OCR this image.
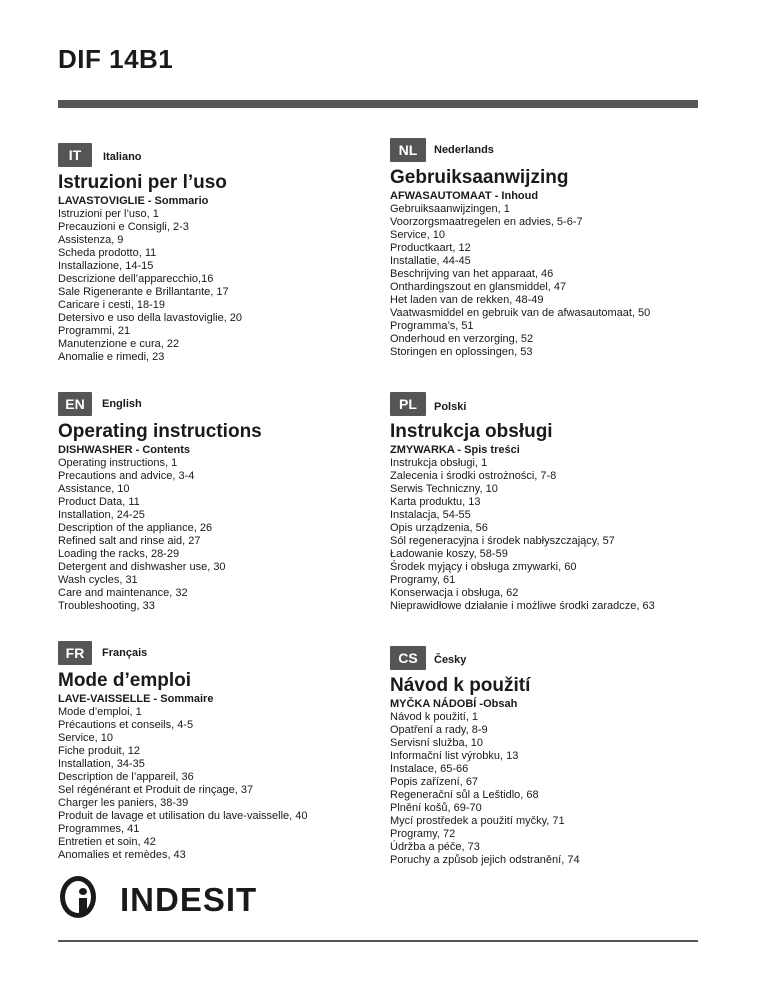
DIF 14B1
IT Italiano
Istruzioni per l’uso
LAVASTOVIGLIE - Sommario
Istruzioni per l’uso, 1
Precauzioni e Consigli, 2-3
Assistenza, 9
Scheda prodotto, 11
Installazione, 14-15
Descrizione dell’apparecchio,16
Sale Rigenerante e Brillantante, 17
Caricare i cesti, 18-19
Detersivo e uso della lavastoviglie, 20
Programmi, 21
Manutenzione e cura, 22
Anomalie e rimedi, 23
EN English
Operating instructions
DISHWASHER - Contents
Operating instructions, 1
Precautions and advice, 3-4
Assistance, 10
Product Data, 11
Installation, 24-25
Description of the appliance, 26
Refined salt and rinse aid, 27
Loading the racks, 28-29
Detergent and dishwasher use, 30
Wash cycles, 31
Care and maintenance, 32
Troubleshooting, 33
FR Français
Mode d’emploi
LAVE-VAISSELLE - Sommaire
Mode d’emploi, 1
Précautions et conseils, 4-5
Service, 10
Fiche produit, 12
Installation, 34-35
Description de l’appareil, 36
Sel régénérant et Produit de rinçage, 37
Charger les paniers, 38-39
Produit de lavage et utilisation du lave-vaisselle, 40
Programmes, 41
Entretien et soin, 42
Anomalies et remèdes, 43
NL Nederlands
Gebruiksaanwijzing
AFWASAUTOMAAT - Inhoud
Gebruiksaanwijzingen, 1
Voorzorgsmaatregelen en advies, 5-6-7
Service, 10
Productkaart, 12
Installatie, 44-45
Beschrijving van het apparaat, 46
Onthardingszout en glansmiddel, 47
Het laden van de rekken, 48-49
Vaatwasmiddel en gebruik van de afwasautomaat, 50
Programma’s, 51
Onderhoud en verzorging, 52
Storingen en oplossingen, 53
PL Polski
Instrukcja obsługi
ZMYWARKA - Spis treści
Instrukcja obsługi, 1
Zalecenia i środki ostrożności, 7-8
Serwis Techniczny, 10
Karta produktu, 13
Instalacja, 54-55
Opis urządzenia, 56
Sól regeneracyjna i środek nabłyszczający, 57
Ładowanie koszy, 58-59
Środek myjący i obsługa zmywarki, 60
Programy, 61
Konserwacja i obsługa, 62
Nieprawidłowe działanie i możliwe środki zaradcze, 63
CS Česky
Návod k použití
MYČKA NÁDOBÍ -Obsah
Návod k použití, 1
Opatření a rady, 8-9
Servisní služba, 10
Informační list výrobku, 13
Instalace, 65-66
Popis zařízení, 67
Regenerační sůl a Leštidlo, 68
Plnění košů, 69-70
Mycí prostředek a použití myčky, 71
Programy, 72
Údržba a péče, 73
Poruchy a způsob jejich odstranění, 74
INDESIT
